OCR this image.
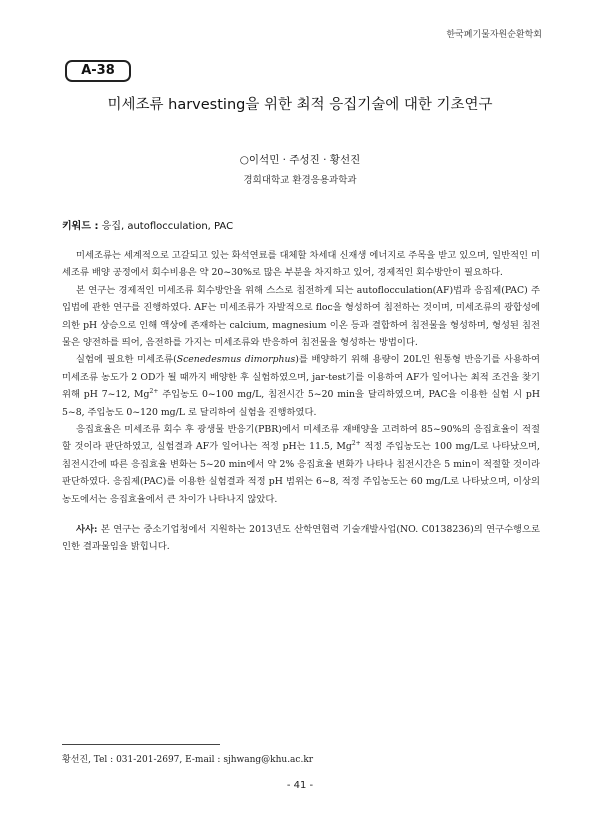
한국폐기물자원순환학회
A-38
미세조류 harvesting을 위한 최적 응집기술에 대한 기초연구
○이석민 · 주성진 · 황선진
경희대학교 환경응용과학과
키워드 : 응집, autoflocculation, PAC

미세조류는 세계적으로 고갈되고 있는 화석연료를 대체할 차세대 신재생 에너지로 주목을 받고 있으며, 일반적인 미세조류 배양 공정에서 회수비용은 약 20~30%로 많은 부분을 차지하고 있어, 경제적인 회수방안이 필요하다.

본 연구는 경제적인 미세조류 회수방안을 위해 스스로 침전하게 되는 autoflocculation(AF)법과 응집제(PAC) 주입법에 관한 연구를 진행하였다. AF는 미세조류가 자발적으로 floc을 형성하여 침전하는 것이며, 미세조류의 광합성에 의한 pH 상승으로 인해 액상에 존재하는 calcium, magnesium 이온 등과 결합하여 침전물을 형성하며, 형성된 침전물은 양전하를 띄어, 음전하를 가지는 미세조류와 반응하여 침전물을 형성하는 방법이다.

실험에 필요한 미세조류(Scenedesmus dimorphus)를 배양하기 위해 용량이 20L인 원통형 반응기를 사용하여 미세조류 농도가 2 OD가 될 때까지 배양한 후 실험하였으며, jar-test기를 이용하여 AF가 일어나는 최적 조건을 찾기 위해 pH 7~12, $Mg^{2+}$ 주입농도 0~100 mg/L, 침전시간 5~20 min을 달리하였으며, PAC을 이용한 실험 시 pH 5~8, 주입농도 0~120 mg/L 로 달리하여 실험을 진행하였다.

응집효율은 미세조류 회수 후 광생물 반응기(PBR)에서 미세조류 재배양을 고려하여 85~90%의 응집효율이 적절할 것이라 판단하였고, 실험결과 AF가 일어나는 적정 pH는 11.5, $Mg^{2+}$ 적정 주입농도는 100 mg/L로 나타났으며, 침전시간에 따른 응집효율 변화는 5~20 min에서 약 2% 응집효율 변화가 나타나 침전시간은 5 min이 적절할 것이라 판단하였다. 응집제(PAC)를 이용한 실험결과 적정 pH 범위는 6~8, 적정 주입농도는 60 mg/L로 나타났으며, 이상의 농도에서는 응집효율에서 큰 차이가 나타나지 않았다.

사사: 본 연구는 중소기업청에서 지원하는 2013년도 산학연협력 기술개발사업(NO. C0138236)의 연구수행으로 인한 결과물임을 밝힙니다.

황선진, Tel : 031-201-2697, E-mail : sjhwang@khu.ac.kr
- 41 -
